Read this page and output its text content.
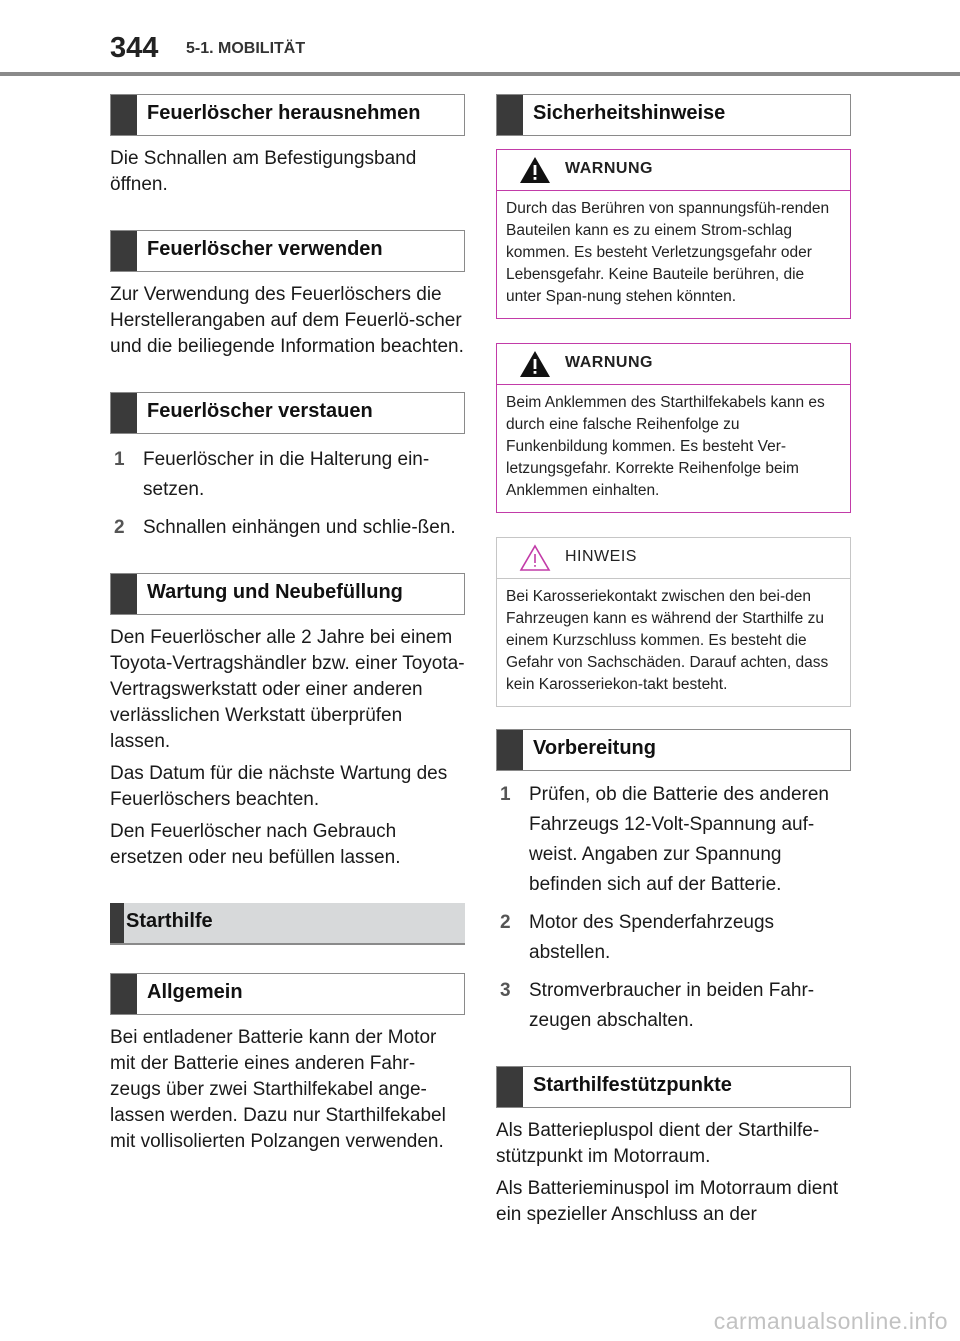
344 5-1. MOBILITÄT
Feuerlöscher herausnehmen

Die Schnallen am Befestigungsband öffnen.

Feuerlöscher verwenden

Zur Verwendung des Feuerlöschers die Herstellerangaben auf dem Feuerlö-scher und die beiliegende Information beachten.

Feuerlöscher verstauen
1 Feuerlöscher in die Halterung ein-setzen.
2 Schnallen einhängen und schlie-ßen.
Wartung und Neubefüllung

Den Feuerlöscher alle 2 Jahre bei einem Toyota-Vertragshändler bzw. einer Toyota-Vertragswerkstatt oder einer anderen verlässlichen Werkstatt überprüfen lassen.

Das Datum für die nächste Wartung des Feuerlöschers beachten.

Den Feuerlöscher nach Gebrauch ersetzen oder neu befüllen lassen.

Starthilfe
Allgemein

Bei entladener Batterie kann der Motor mit der Batterie eines anderen Fahr-zeugs über zwei Starthilfekabel ange-lassen werden. Dazu nur Starthilfekabel mit vollisolierten Polzangen verwenden.

Sicherheitshinweise
WARNUNG
Durch das Berühren von spannungsfüh-renden Bauteilen kann es zu einem Strom-schlag kommen. Es besteht Verletzungsgefahr oder Lebensgefahr. Keine Bauteile berühren, die unter Span-nung stehen könnten.
WARNUNG
Beim Anklemmen des Starthilfekabels kann es durch eine falsche Reihenfolge zu Funkenbildung kommen. Es besteht Ver-letzungsgefahr. Korrekte Reihenfolge beim Anklemmen einhalten.
HINWEIS
Bei Karosseriekontakt zwischen den bei-den Fahrzeugen kann es während der Starthilfe zu einem Kurzschluss kommen. Es besteht die Gefahr von Sachschäden. Darauf achten, dass kein Karosseriekon-takt besteht.
Vorbereitung
1 Prüfen, ob die Batterie des anderen Fahrzeugs 12-Volt-Spannung auf-weist. Angaben zur Spannung befinden sich auf der Batterie.
2 Motor des Spenderfahrzeugs abstellen.
3 Stromverbraucher in beiden Fahr-zeugen abschalten.
Starthilfestützpunkte

Als Batteriepluspol dient der Starthilfe-stützpunkt im Motorraum.

Als Batterieminuspol im Motorraum dient ein spezieller Anschluss an der

carmanualsonline.info
